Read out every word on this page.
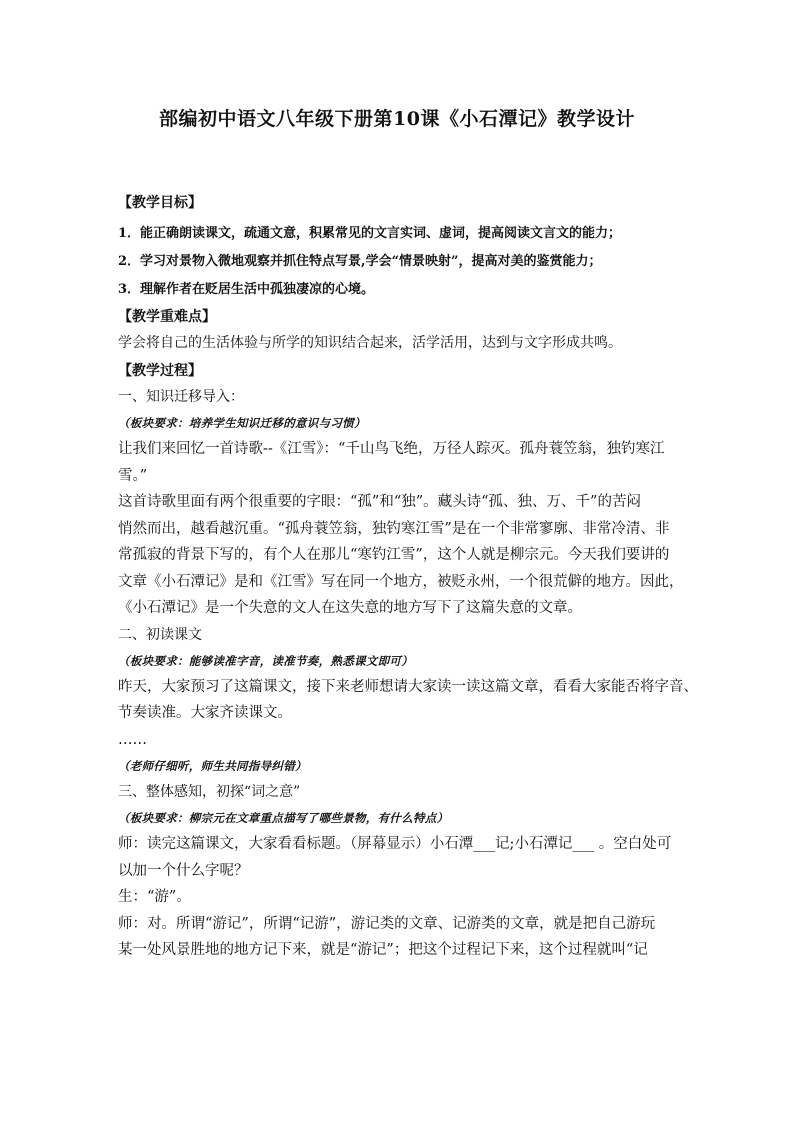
部编初中语文八年级下册第10课《小石潭记》教学设计
【教学目标】
1．能正确朗读课文，疏通文意，积累常见的文言实词、虚词，提高阅读文言文的能力；
2．学习对景物入微地观察并抓住特点写景,学会“情景映射”，提高对美的鉴赏能力；
3．理解作者在贬居生活中孤独凄凉的心境。
【教学重难点】
学会将自己的生活体验与所学的知识结合起来，活学活用，达到与文字形成共鸣。
【教学过程】
一、知识迁移导入：
（板块要求：培养学生知识迁移的意识与习惯）
让我们来回忆一首诗歌--《江雪》：“千山鸟飞绝，万径人踪灭。孤舟蓑笠翁，独钓寒江
雪。”
这首诗歌里面有两个很重要的字眼：“孤”和“独”。藏头诗“孤、独、万、千”的苦闷
悄然而出，越看越沉重。“孤舟蓑笠翁，独钓寒江雪”是在一个非常寥廓、非常冷清、非
常孤寂的背景下写的，有个人在那儿“寒钓江雪”，这个人就是柳宗元。今天我们要讲的
文章《小石潭记》是和《江雪》写在同一个地方，被贬永州，一个很荒僻的地方。因此，
《小石潭记》是一个失意的文人在这失意的地方写下了这篇失意的文章。
二、初读课文
（板块要求：能够读准字音，读准节奏，熟悉课文即可）
昨天，大家预习了这篇课文，接下来老师想请大家读一读这篇文章，看看大家能否将字音、
节奏读准。大家齐读课文。
……
（老师仔细听，师生共同指导纠错）
三、整体感知，初探“词之意”
（板块要求：柳宗元在文章重点描写了哪些景物，有什么特点）
师：读完这篇课文，大家看看标题。（屏幕显示）小石潭___记;小石潭记___ 。空白处可
以加一个什么字呢？
生：“游”。
师：对。所谓“游记”，所谓“记游”，游记类的文章、记游类的文章，就是把自己游玩
某一处风景胜地的地方记下来，就是“游记”；把这个过程记下来，这个过程就叫“记
